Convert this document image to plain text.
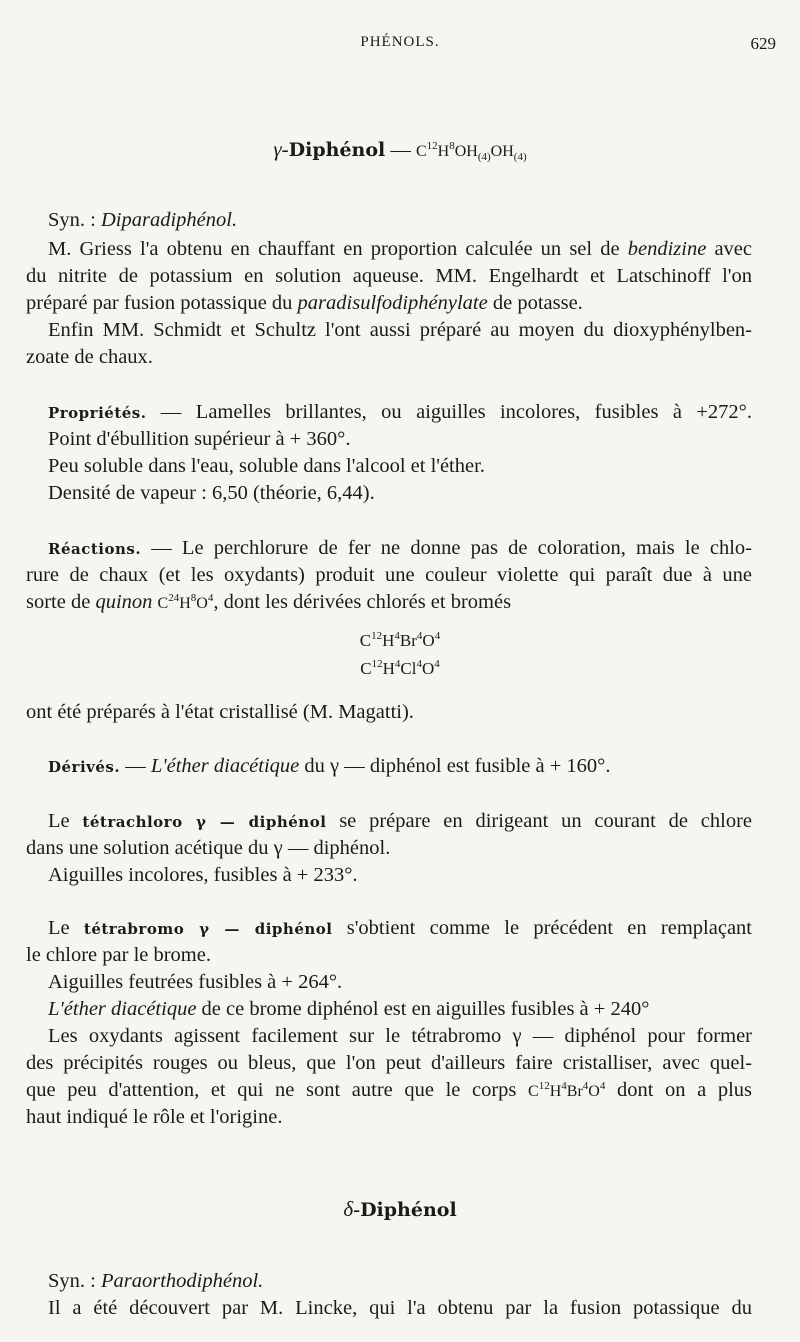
PHÉNOLS.	629
γ-Diphénol — $C^{12}H^8OH_{(4)}OH_{(4)}$
Syn. : Diparadiphénol.
M. Griess l'a obtenu en chauffant en proportion calculée un sel de bendizine avec
du nitrite de potassium en solution aqueuse. MM. Engelhardt et Latschinoff l'on
préparé par fusion potassique du paradisulfodiphénylate de potasse.
Enfin MM. Schmidt et Schultz l'ont aussi préparé au moyen du dioxyphénylben-
zoate de chaux.
Propriétés. — Lamelles brillantes, ou aiguilles incolores, fusibles à +272°.
Point d'ébullition supérieur à + 360°.
Peu soluble dans l'eau, soluble dans l'alcool et l'éther.
Densité de vapeur : 6,50 (théorie, 6,44).
Réactions. — Le perchlorure de fer ne donne pas de coloration, mais le chlo-
rure de chaux (et les oxydants) produit une couleur violette qui paraît due à une
sorte de quinon $C^{24}H^8O^4$, dont les dérivées chlorés et bromés
$C^{12}H^4Br^4O^4$
$C^{12}H^4Cl^4O^4$
ont été préparés à l'état cristallisé (M. Magatti).
Dérivés. — L'éther diacétique du γ — diphénol est fusible à + 160°.
Le tétrachloro γ — diphénol se prépare en dirigeant un courant de chlore
dans une solution acétique du γ — diphénol.
Aiguilles incolores, fusibles à + 233°.
Le tétrabromo γ — diphénol s'obtient comme le précédent en remplaçant
le chlore par le brome.
Aiguilles feutrées fusibles à + 264°.
L'éther diacétique de ce brome diphénol est en aiguilles fusibles à + 240°
Les oxydants agissent facilement sur le tétrabromo γ — diphénol pour former
des précipités rouges ou bleus, que l'on peut d'ailleurs faire cristalliser, avec quel-
que peu d'attention, et qui ne sont autre que le corps $C^{12}H^4Br^4O^4$ dont on a plus
haut indiqué le rôle et l'origine.
δ-Diphénol
Syn. : Paraorthodiphénol.
Il a été découvert par M. Lincke, qui l'a obtenu par la fusion potassique du
